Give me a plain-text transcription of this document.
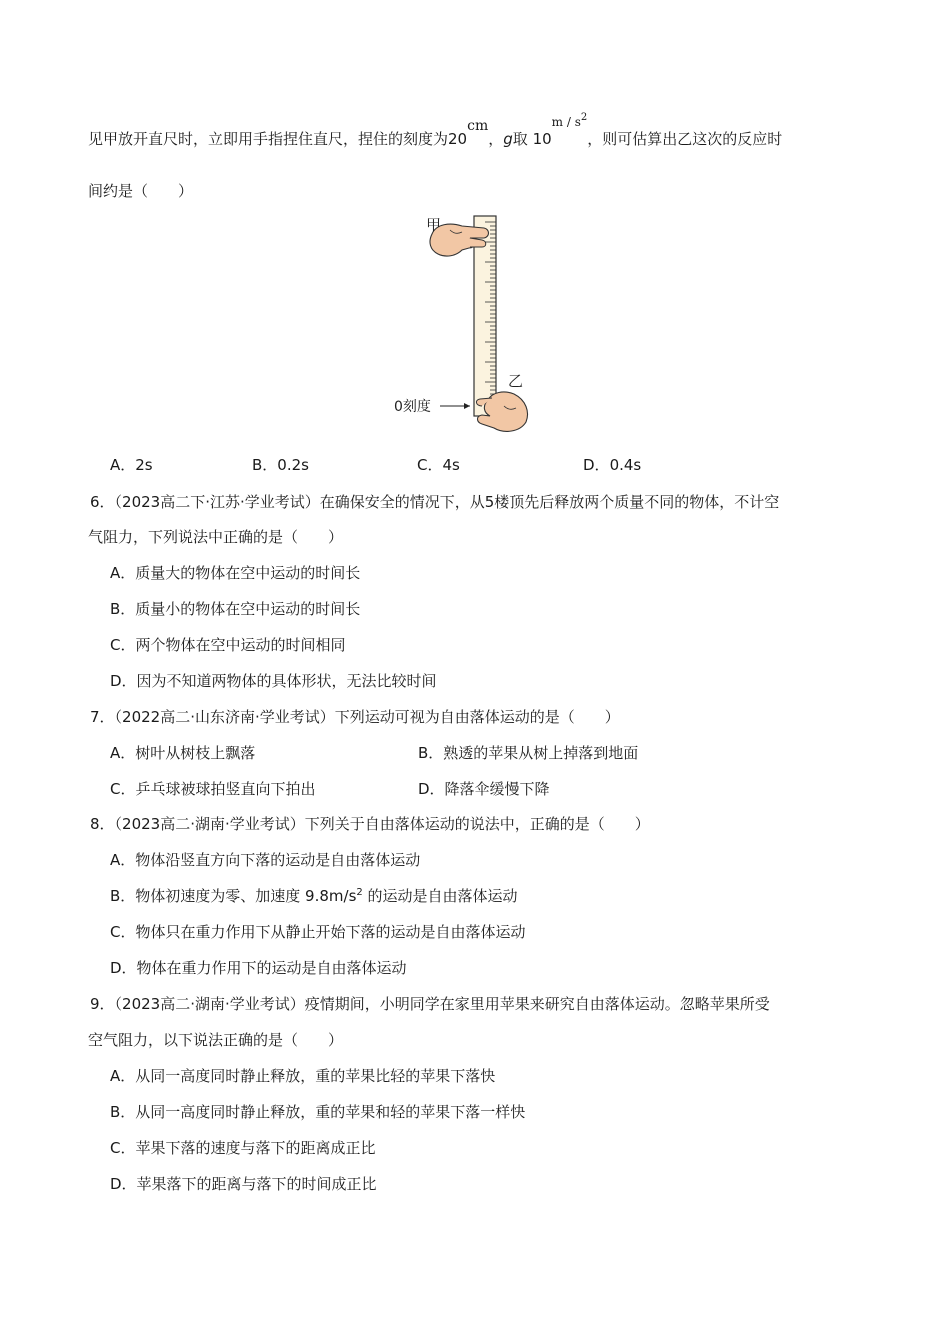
见甲放开直尺时，立即用手指捏住直尺，捏住的刻度为20cm，g取 $10^{m / s^2}$，则可估算出乙这次的反应时
间约是（　　）
甲
乙
0刻度
A．2s	B．0.2s	C．4s	D．0.4s
6．（2023高二下·江苏·学业考试）在确保安全的情况下，从5楼顶先后释放两个质量不同的物体，不计空
气阻力，下列说法中正确的是（　　）
A．质量大的物体在空中运动的时间长
B．质量小的物体在空中运动的时间长
C．两个物体在空中运动的时间相同
D．因为不知道两物体的具体形状，无法比较时间
7．（2022高二·山东济南·学业考试）下列运动可视为自由落体运动的是（　　）
A．树叶从树枝上飘落	B．熟透的苹果从树上掉落到地面
C．乒乓球被球拍竖直向下拍出	D．降落伞缓慢下降
8．（2023高二·湖南·学业考试）下列关于自由落体运动的说法中，正确的是（　　）
A．物体沿竖直方向下落的运动是自由落体运动
B．物体初速度为零、加速度 $9.8m/s^2$ 的运动是自由落体运动
C．物体只在重力作用下从静止开始下落的运动是自由落体运动
D．物体在重力作用下的运动是自由落体运动
9．（2023高二·湖南·学业考试）疫情期间，小明同学在家里用苹果来研究自由落体运动。忽略苹果所受
空气阻力，以下说法正确的是（　　）
A．从同一高度同时静止释放，重的苹果比轻的苹果下落快
B．从同一高度同时静止释放，重的苹果和轻的苹果下落一样快
C．苹果下落的速度与落下的距离成正比
D．苹果落下的距离与落下的时间成正比
